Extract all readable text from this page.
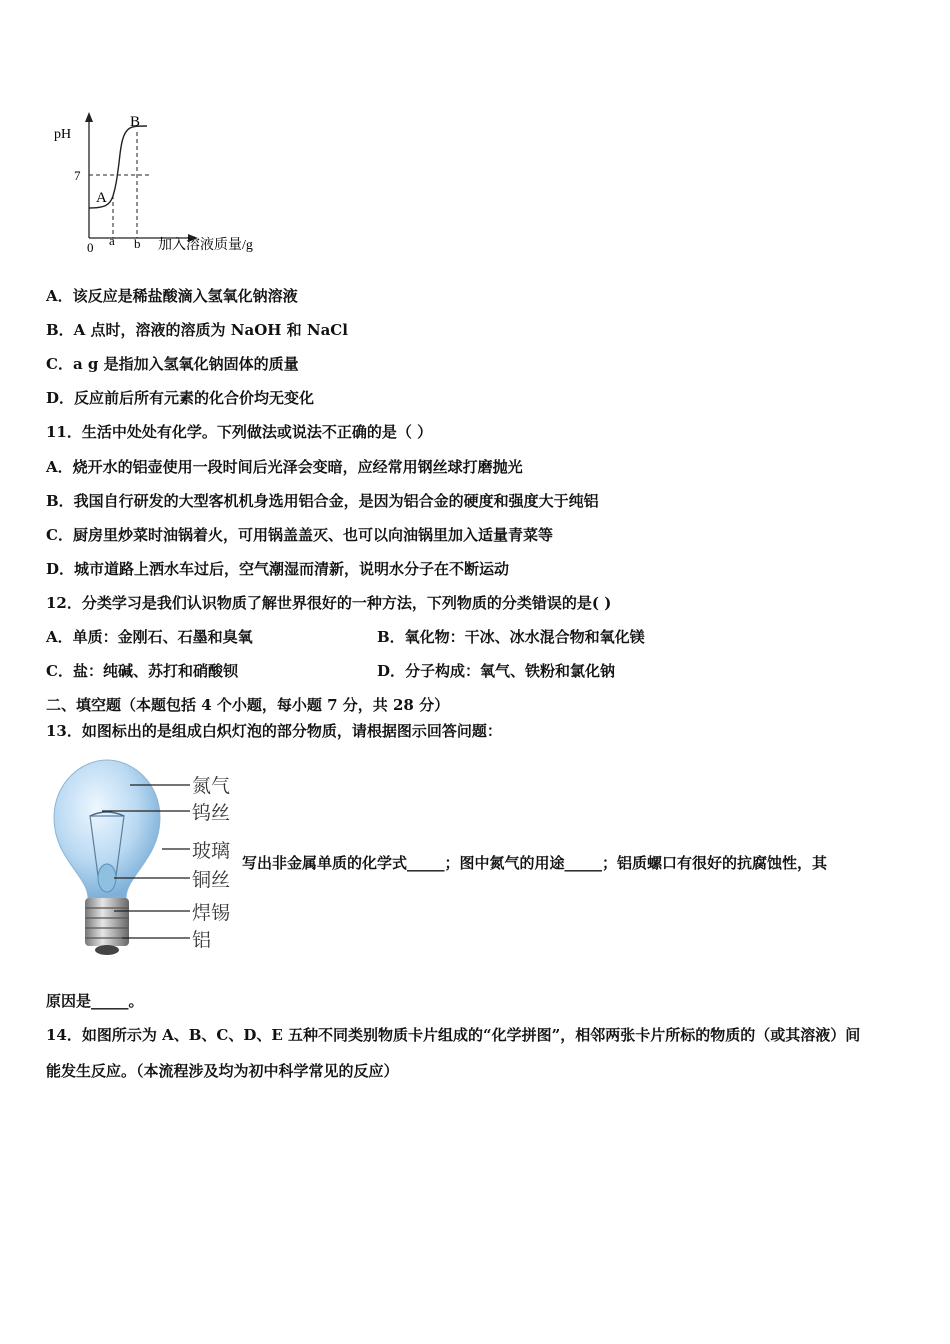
pH
7
0 a b
A
B
加入溶液质量/g
A．该反应是稀盐酸滴入氢氧化钠溶液
B．A 点时，溶液的溶质为 NaOH 和 NaCl
C．a g 是指加入氢氧化钠固体的质量
D．反应前后所有元素的化合价均无变化
11．生活中处处有化学。下列做法或说法不正确的是（ ）
A．烧开水的铝壶使用一段时间后光泽会变暗，应经常用钢丝球打磨抛光
B．我国自行研发的大型客机机身选用铝合金，是因为铝合金的硬度和强度大于纯铝
C．厨房里炒菜时油锅着火，可用锅盖盖灭、也可以向油锅里加入适量青菜等
D．城市道路上洒水车过后，空气潮湿而清新，说明水分子在不断运动
12．分类学习是我们认识物质了解世界很好的一种方法，下列物质的分类错误的是( )
A．单质：金刚石、石墨和臭氧	B．氧化物：干冰、冰水混合物和氧化镁
C．盐：纯碱、苏打和硝酸钡	D．分子构成：氧气、铁粉和氯化钠
二、填空题（本题包括 4 个小题，每小题 7 分，共 28 分）
13．如图标出的是组成白炽灯泡的部分物质，请根据图示回答问题：
氮气
钨丝
玻璃
铜丝
焊锡
铝
写出非金属单质的化学式_____；图中氮气的用途_____；铝质螺口有很好的抗腐蚀性，其
原因是_____。
14．如图所示为 A、B、C、D、E 五种不同类别物质卡片组成的“化学拼图”，相邻两张卡片所标的物质的（或其溶液）间
能发生反应。（本流程涉及均为初中科学常见的反应）
